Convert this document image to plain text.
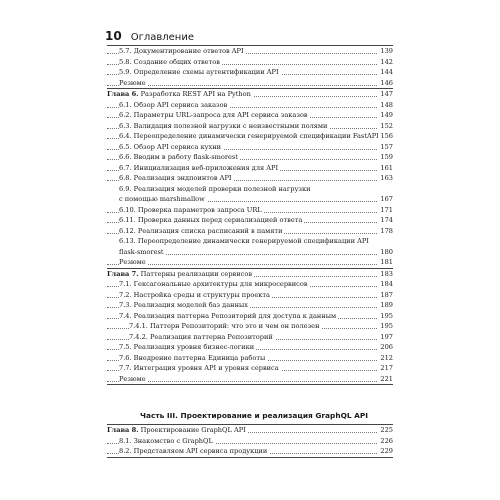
10 Оглавление
5.7. Документирование ответов API	139
5.8. Создание общих ответов	142
5.9. Определение схемы аутентификации API	144
Резюме	146
Глава 6. Разработка REST API на Python	147
6.1. Обзор API сервиса заказов	148
6.2. Параметры URL-запроса для API сервиса заказов	149
6.3. Валидация полезной нагрузки с неизвестными полями	152
6.4. Переопределение динамически генерируемой спецификации FastAPI 156
6.5. Обзор API сервиса кухни	157
6.6. Вводим в работу flask-smorest	159
6.7. Инициализация веб-приложения для API	161
6.8. Реализация эндпоинтов API	163
6.9. Реализация моделей проверки полезной нагрузки
с помощью marshmallow	167
6.10. Проверка параметров запроса URL	171
6.11. Проверка данных перед сериализацией ответа	174
6.12. Реализация списка расписаний в памяти	178
6.13. Переопределение динамически генерируемой спецификации API
flask-smorest	180
Резюме	181
Глава 7. Паттерны реализации сервисов	183
7.1. Гексагональные архитектуры для микросервисов	184
7.2. Настройка среды и структуры проекта	187
7.3. Реализация моделей баз данных	189
7.4. Реализация паттерна Репозиторий для доступа к данным	195
7.4.1. Паттерн Репозиторий: что это и чем он полезен	195
7.4.2. Реализация паттерна Репозиторий	197
7.5. Реализация уровня бизнес-логики	206
7.6. Внедрение паттерна Единица работы	212
7.7. Интеграция уровня API и уровня сервиса	217
Резюме	221
Часть III. Проектирование и реализация GraphQL API
Глава 8. Проектирование GraphQL API	225
8.1. Знакомство с GraphQL	226
8.2. Представляем API сервиса продукции	229
